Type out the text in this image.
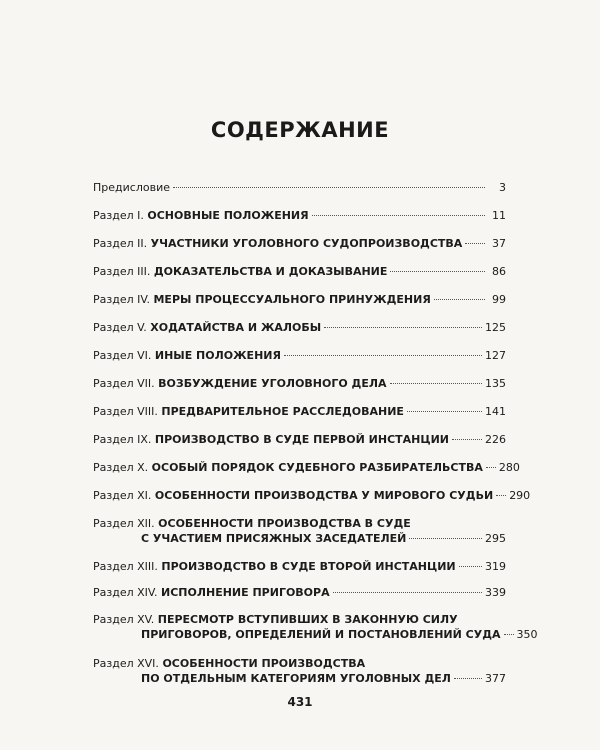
СОДЕРЖАНИЕ
Предисловие	3
Раздел I.
ОСНОВНЫЕ ПОЛОЖЕНИЯ	11
Раздел II.
УЧАСТНИКИ УГОЛОВНОГО СУДОПРОИЗВОДСТВА	37
Раздел III.
ДОКАЗАТЕЛЬСТВА И ДОКАЗЫВАНИЕ	86
Раздел IV.
МЕРЫ ПРОЦЕССУАЛЬНОГО ПРИНУЖДЕНИЯ	99
Раздел V.
ХОДАТАЙСТВА И ЖАЛОБЫ	125
Раздел VI.
ИНЫЕ ПОЛОЖЕНИЯ	127
Раздел VII.
ВОЗБУЖДЕНИЕ УГОЛОВНОГО ДЕЛА	135
Раздел VIII.
ПРЕДВАРИТЕЛЬНОЕ РАССЛЕДОВАНИЕ	141
Раздел IX.
ПРОИЗВОДСТВО В СУДЕ ПЕРВОЙ ИНСТАНЦИИ	226
Раздел X.
ОСОБЫЙ ПОРЯДОК СУДЕБНОГО РАЗБИРАТЕЛЬСТВА 280
Раздел XI.
ОСОБЕННОСТИ ПРОИЗВОДСТВА У МИРОВОГО СУДЬИ 290
Раздел XII.
ОСОБЕННОСТИ ПРОИЗВОДСТВА В СУДЕ
С УЧАСТИЕМ ПРИСЯЖНЫХ ЗАСЕДАТЕЛЕЙ	295
Раздел XIII.
ПРОИЗВОДСТВО В СУДЕ ВТОРОЙ ИНСТАНЦИИ	319
Раздел XIV.
ИСПОЛНЕНИЕ ПРИГОВОРА	339
Раздел XV.
ПЕРЕСМОТР ВСТУПИВШИХ В ЗАКОННУЮ СИЛУ
ПРИГОВОРОВ, ОПРЕДЕЛЕНИЙ И ПОСТАНОВЛЕНИЙ СУДА 350
Раздел XVI.
ОСОБЕННОСТИ ПРОИЗВОДСТВА
ПО ОТДЕЛЬНЫМ КАТЕГОРИЯМ УГОЛОВНЫХ ДЕЛ	377
431
